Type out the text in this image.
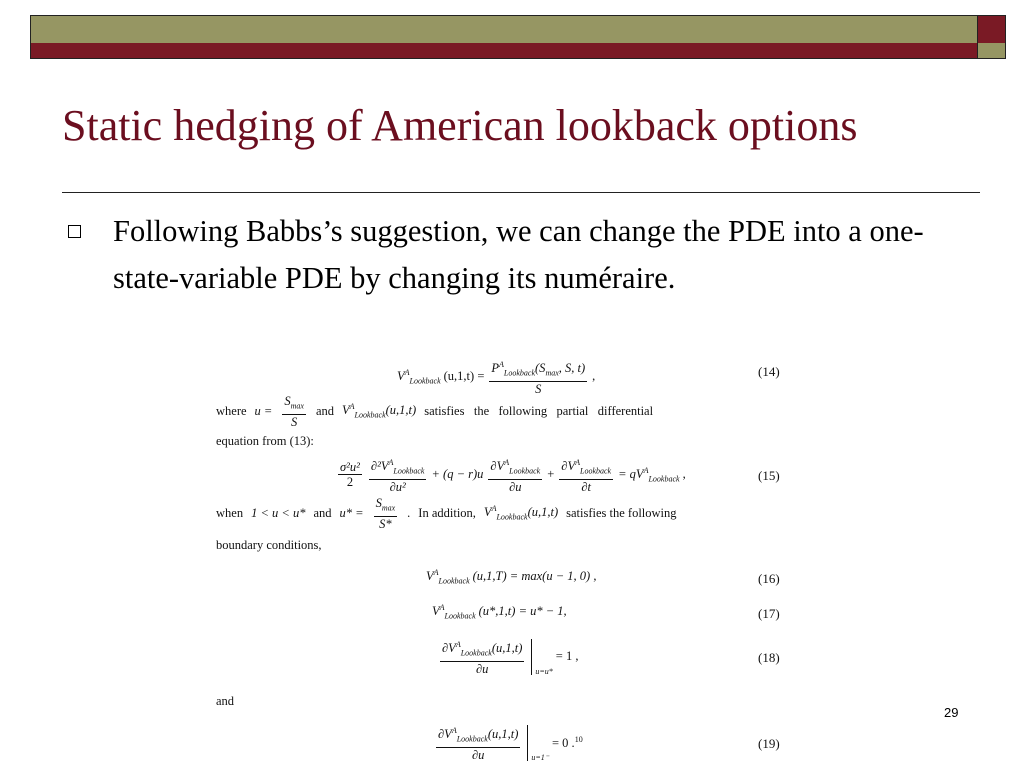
Static hedging of American lookback options
Following Babbs’s suggestion, we can change the PDE into a one-state-variable PDE by changing its numéraire.
$V^A_{Lookback}$ $(u,1,t) = \frac{P^A_{Lookback}(S_{max}, S, t)}{S}$ ,	(14)
where $u = \frac{S_{max}}{S}$ and $V^A_{Lookback}(u,1,t)$ satisfies   the   following   partial   differential
equation from (13):
$\frac{\text{σ²u²}}{2} \frac{\partial^2V^A_{Lookback}}{\text{∂u²}} + (q - r)u \frac{\partial V^A_{Lookback}}{\partial u} + \frac{\partial V^A_{Lookback}}{\partial t} = qV^A_{Lookback}$ ,	(15)
when 1 < u < u* and $u* = \frac{S_{max}}{S*}$ . In addition, $V^A_{Lookback}(u,1,t)$ satisfies the following
boundary conditions,
$V^A_{Lookback}$ (u,1,T) = max(u − 1, 0) ,	(16)
$V^A_{Lookback}$ (u*,1,t) = u* − 1,	(17)
$\frac{\partial V^A_{Lookback}(u,1,t)}{\partial u} _{u=u*}$
= 1 ,	(18)
and
$\frac{\partial V^A_{Lookback}(u,1,t)}{\partial u} _{u=1^-}$
= 0 .$^{10}$	(19)
29
